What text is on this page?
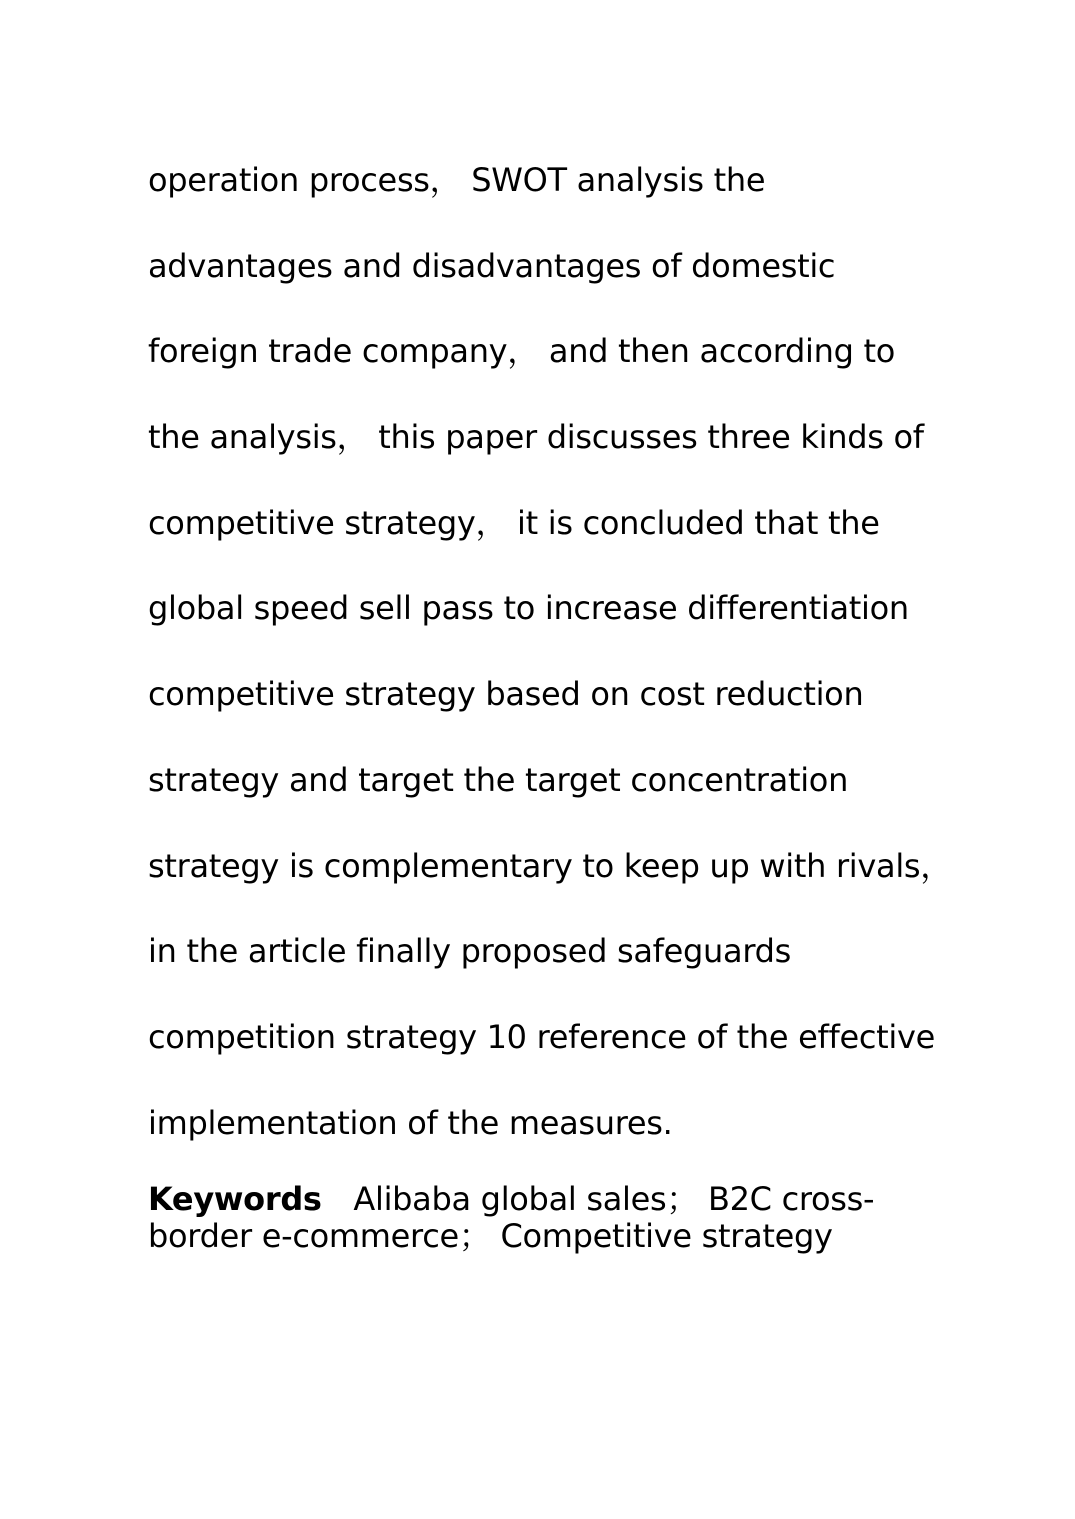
operation process， SWOT analysis the
advantages and disadvantages of domestic
foreign trade company， and then according to
the analysis， this paper discusses three kinds of
competitive strategy， it is concluded that the
global speed sell pass to increase differentiation
competitive strategy based on cost reduction
strategy and target the target concentration
strategy is complementary to keep up with rivals，
in the article finally proposed safeguards
competition strategy 10 reference of the effective
implementation of the measures.
Keywords　Alibaba global sales； B2C cross-
border e-commerce； Competitive strategy
